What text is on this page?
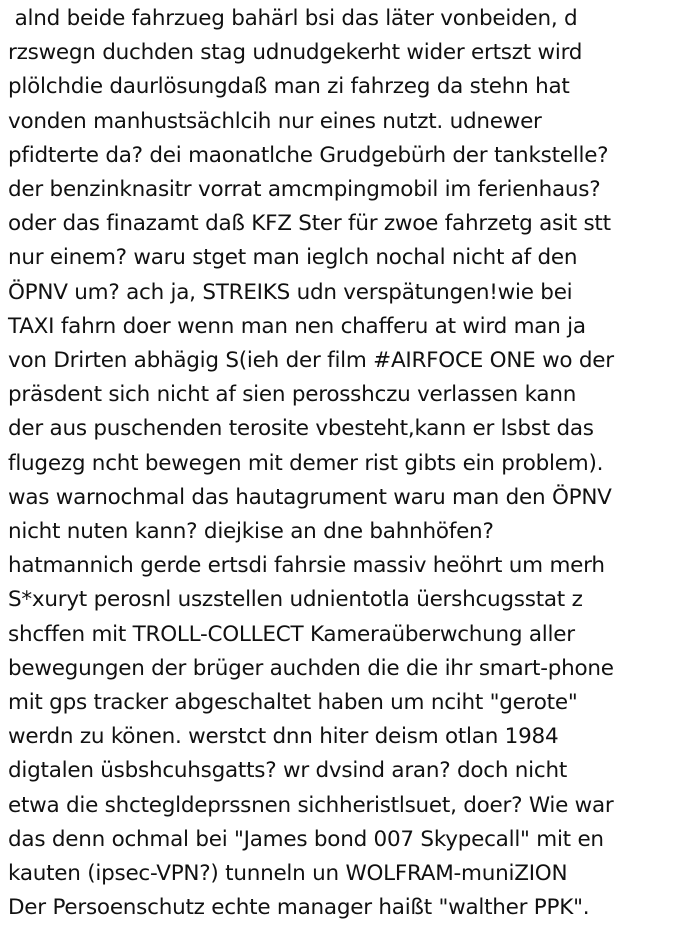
alnd beide fahrzueg bahärl bsi das läter vonbeiden, d
rzswegn duchden stag udnudgekerht wider ertszt wird
plölchdie daurlösungdaß man zi fahrzeg da stehn hat
vonden manhustsächlcih nur eines nutzt. udnewer
pfidterte da? dei maonatlche Grudgebürh der tankstelle?
der benzinknasitr vorrat amcmpingmobil im ferienhaus?
oder das finazamt daß KFZ Ster für zwoe fahrzetg asit stt
nur einem? waru stget man ieglch nochal nicht af den
ÖPNV um? ach ja, STREIKS udn verspätungen!wie bei
TAXI fahrn doer wenn man nen chafferu at wird man ja
von Drirten abhägig S(ieh der film #AIRFOCE ONE wo der
präsdent sich nicht af sien perosshczu verlassen kann
der aus puschenden terosite vbesteht,kann er lsbst das
flugezg ncht bewegen mit demer rist gibts ein problem).
was warnochmal das hautagrument waru man den ÖPNV
nicht nuten kann? diejkise an dne bahnhöfen?
hatmannich gerde ertsdi fahrsie massiv heöhrt um merh
S*xuryt perosnl uszstellen udnientotla üershcugsstat z
shcffen mit TROLL-COLLECT Kameraüberwchung aller
bewegungen der brüger auchden die die ihr smart-phone
mit gps tracker abgeschaltet haben um nciht "gerote"
werdn zu könen. werstct dnn hiter deism otlan 1984
digtalen üsbshcuhsgatts? wr dvsind aran? doch nicht
etwa die shctegldeprssnen sichheristlsuet, doer? Wie war
das denn ochmal bei "James bond 007 Skypecall" mit en
kauten (ipsec-VPN?) tunneln un WOLFRAM-muniZION
Der Persoenschutz echte manager haißt "walther PPK".
